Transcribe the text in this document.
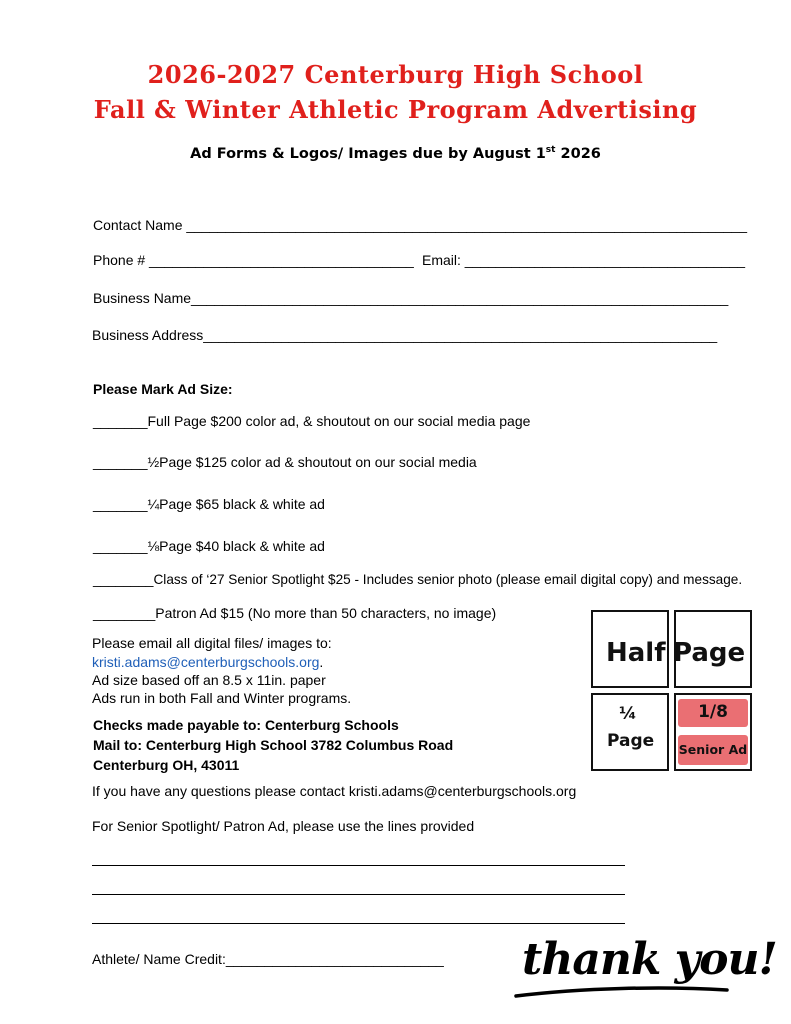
2026-2027 Centerburg High School
Fall & Winter Athletic Program Advertising
Ad Forms & Logos/ Images due by August 1st 2026
Contact Name ________________________________________________________________________
Phone # __________________________________ Email: ____________________________________
Business Name_____________________________________________________________________
Business Address__________________________________________________________________
Please Mark Ad Size:
_______Full Page $200 color ad, & shoutout on our social media page
_______½Page $125 color ad & shoutout on our social media
_______¼Page $65 black & white ad
_______⅛Page $40 black & white ad
________Class of ‘27 Senior Spotlight $25 - Includes senior photo (please email digital copy) and message.
________Patron Ad $15 (No more than 50 characters, no image)
Please email all digital files/ images to:
kristi.adams@centerburgschools.org.
Ad size based off an 8.5 x 11in. paper
Ads run in both Fall and Winter programs.
Checks made payable to: Centerburg Schools
Mail to: Centerburg High School 3782 Columbus Road
Centerburg OH, 43011
If you have any questions please contact kristi.adams@centerburgschools.org
For Senior Spotlight/ Patron Ad, please use the lines provided
Athlete/ Name Credit:____________________________
Half Page
¼
Page
1/8
Senior Ad
thank you!
